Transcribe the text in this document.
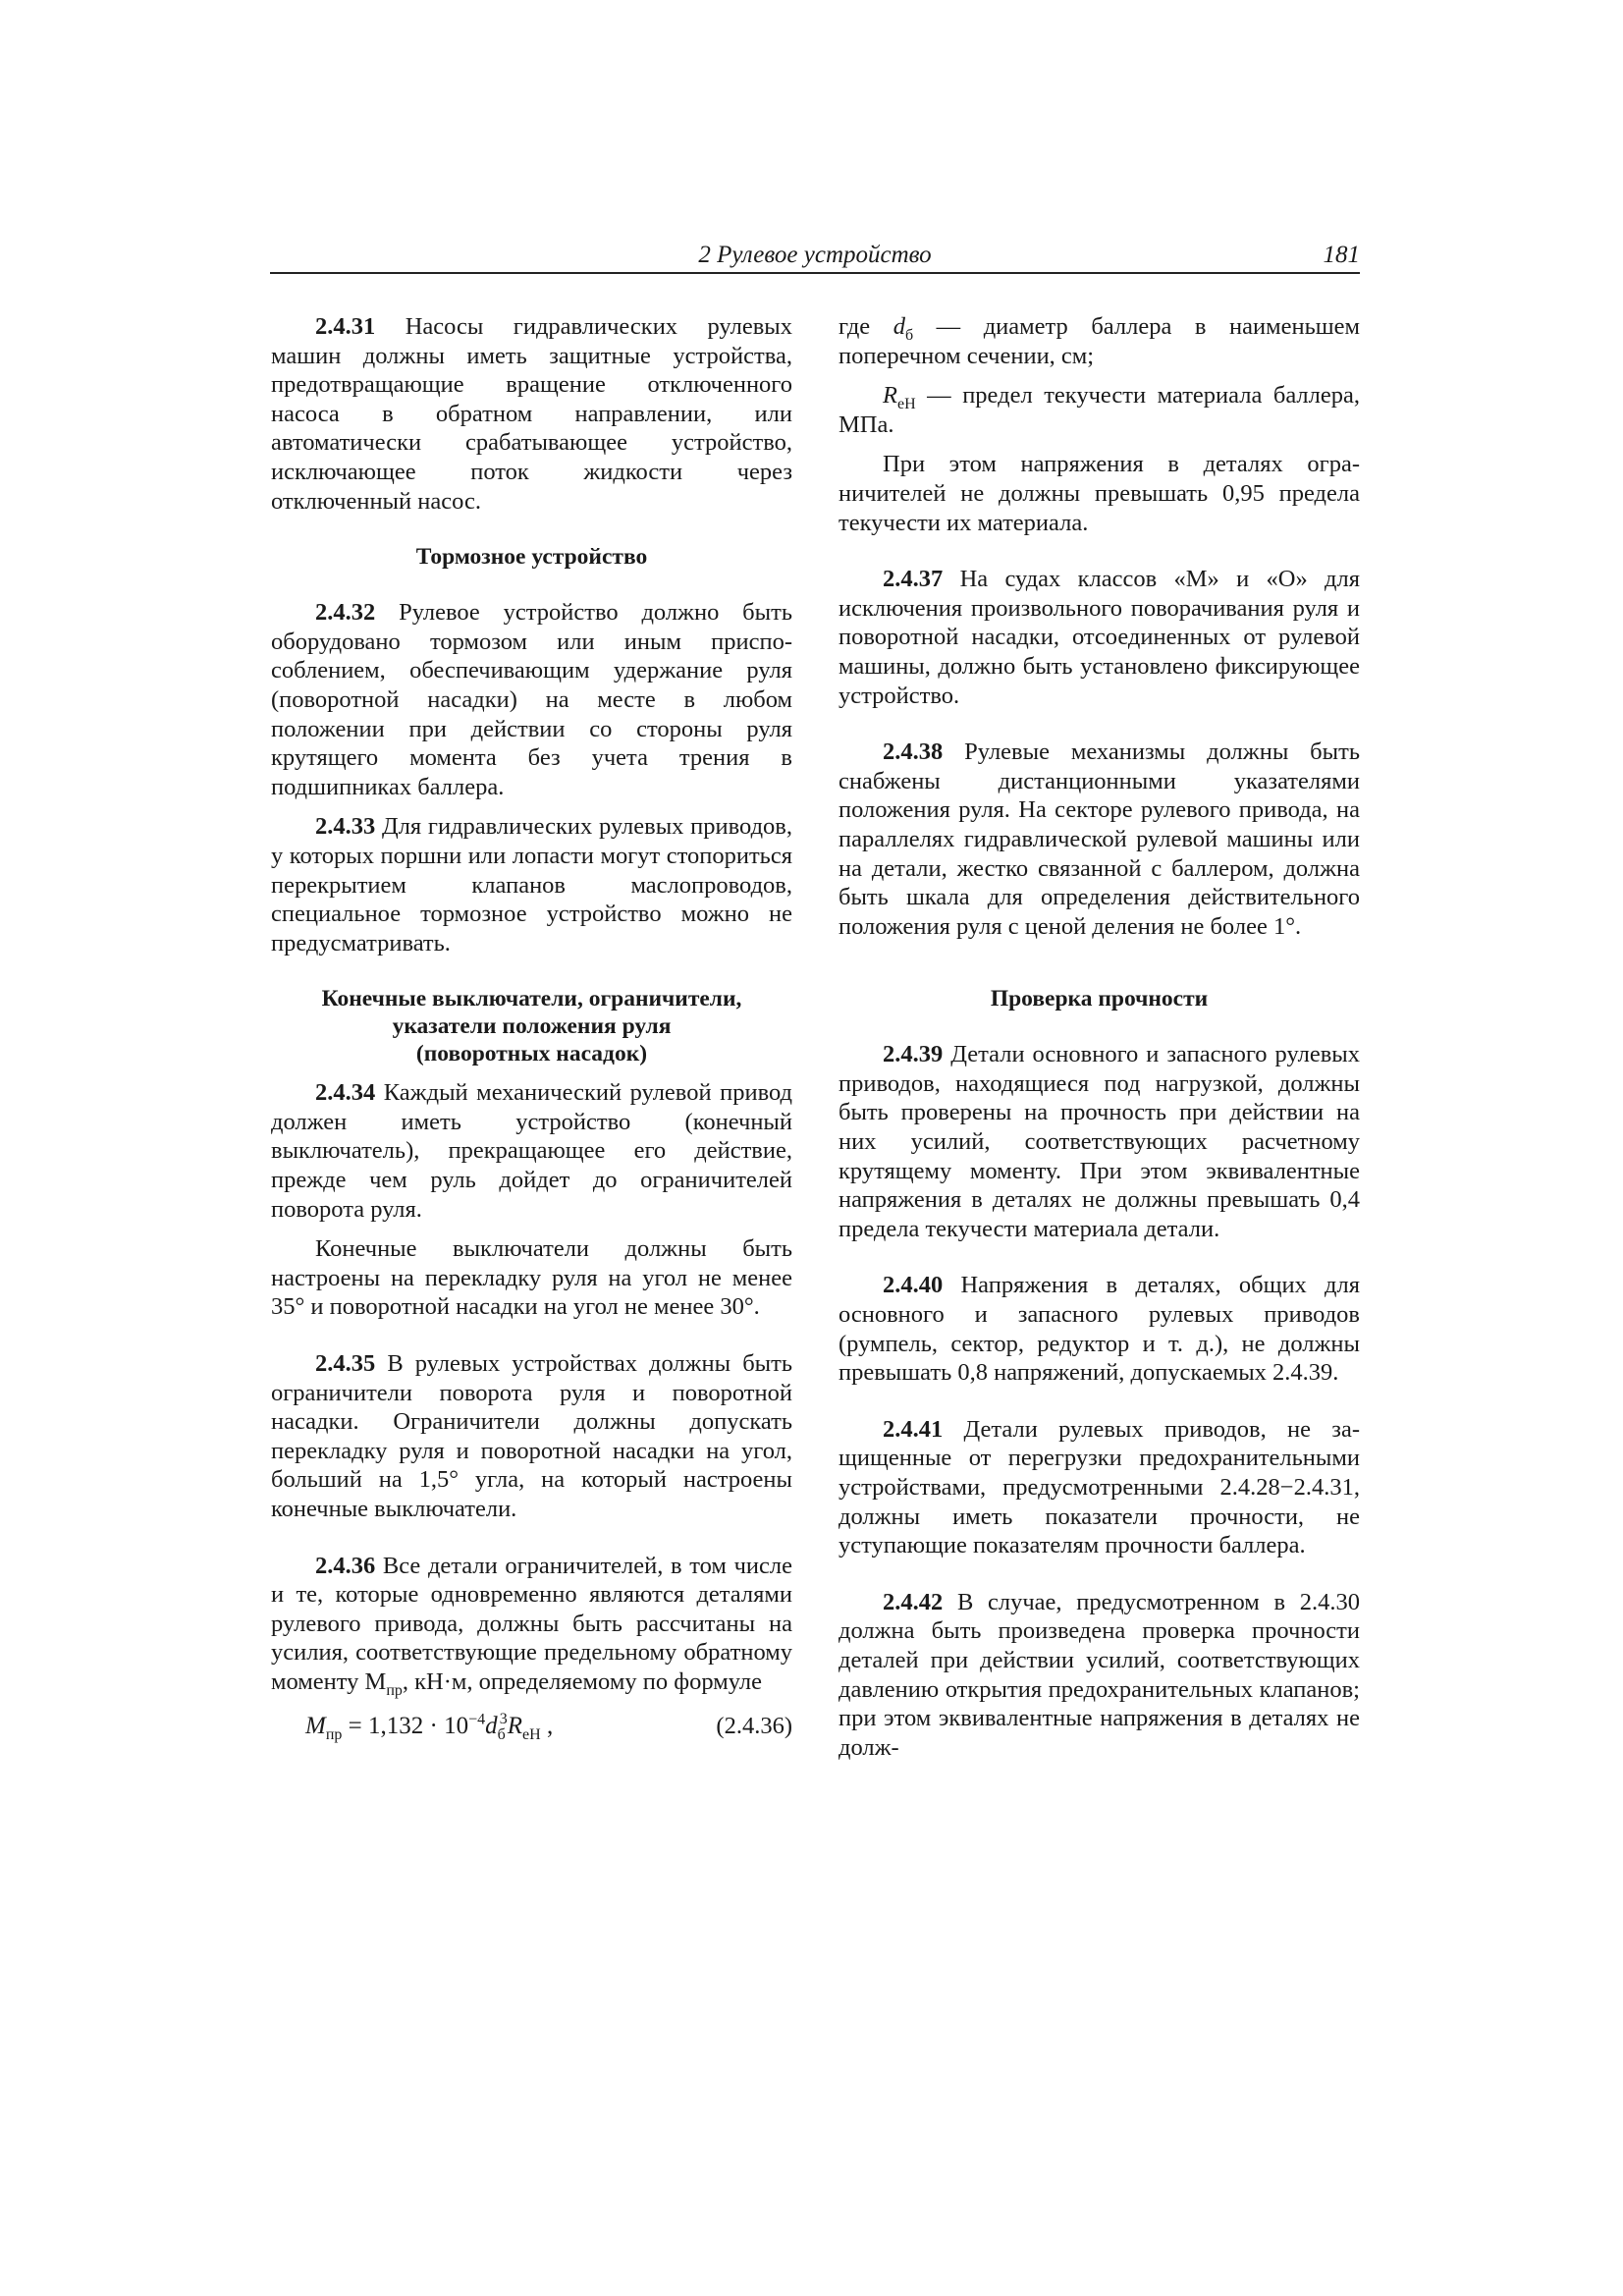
2 Рулевое устройство	181

2.4.31 Насосы гидравлических рулевых машин должны иметь защитные устройства, предотвращающие вращение отключенного насоса в обратном направлении, или автоматически срабатывающее устройство, исключающее поток жидкости через отключенный насос.

Тормозное устройство

2.4.32 Рулевое устройство должно быть оборудовано тормозом или иным приспособлением, обеспечивающим удержание руля (поворотной насадки) на месте в любом положении при действии со стороны руля крутящего момента без учета трения в подшипниках баллера.

2.4.33 Для гидравлических рулевых приводов, у которых поршни или лопасти могут стопориться перекрытием клапанов маслопроводов, специальное тормозное устройство можно не предусматривать.

Конечные выключатели, ограничители,
указатели положения руля
(поворотных насадок)

2.4.34 Каждый механический рулевой привод должен иметь устройство (конечный выключатель), прекращающее его действие, прежде чем руль дойдет до ограничителей поворота руля.

Конечные выключатели должны быть настроены на перекладку руля на угол не менее 35° и поворотной насадки на угол не менее 30°.

2.4.35 В рулевых устройствах должны быть ограничители поворота руля и поворотной насадки. Ограничители должны допускать перекладку руля и поворотной насадки на угол, больший на 1,5° угла, на который настроены конечные выключатели.

2.4.36 Все детали ограничителей, в том числе и те, которые одновременно являются деталями рулевого привода, должны быть рассчитаны на усилия, соответствующие предельному обратному моменту $М_{пр}$, кН·м, определяемому по формуле

$M_{пр} = 1,132 \cdot 10^{-4}d_б^3R_{еН}$ ,	(2.4.36)

где $d_б$ — диаметр баллера в наименьшем поперечном сечении, см;

$R_{еН}$ — предел текучести материала баллера, МПа.

При этом напряжения в деталях ограничителей не должны превышать 0,95 предела текучести их материала.

2.4.37 На судах классов «М» и «О» для исключения произвольного поворачивания руля и поворотной насадки, отсоединенных от рулевой машины, должно быть установлено фиксирующее устройство.

2.4.38 Рулевые механизмы должны быть снабжены дистанционными указателями положения руля. На секторе рулевого привода, на параллелях гидравлической рулевой машины или на детали, жестко связанной с баллером, должна быть шкала для определения действительного положения руля с ценой деления не более 1°.

Проверка прочности

2.4.39 Детали основного и запасного рулевых приводов, находящиеся под нагрузкой, должны быть проверены на прочность при действии на них усилий, соответствующих расчетному крутящему моменту. При этом эквивалентные напряжения в деталях не должны превышать 0,4 предела текучести материала детали.

2.4.40 Напряжения в деталях, общих для основного и запасного рулевых приводов (румпель, сектор, редуктор и т. д.), не должны превышать 0,8 напряжений, допускаемых 2.4.39.

2.4.41 Детали рулевых приводов, не защищенные от перегрузки предохранительными устройствами, предусмотренными 2.4.28−2.4.31, должны иметь показатели прочности, не уступающие показателям прочности баллера.

2.4.42 В случае, предусмотренном в 2.4.30 должна быть произведена проверка прочности деталей при действии усилий, соответствующих давлению открытия предохранительных клапанов; при этом эквивалентные напряжения в деталях не долж-
